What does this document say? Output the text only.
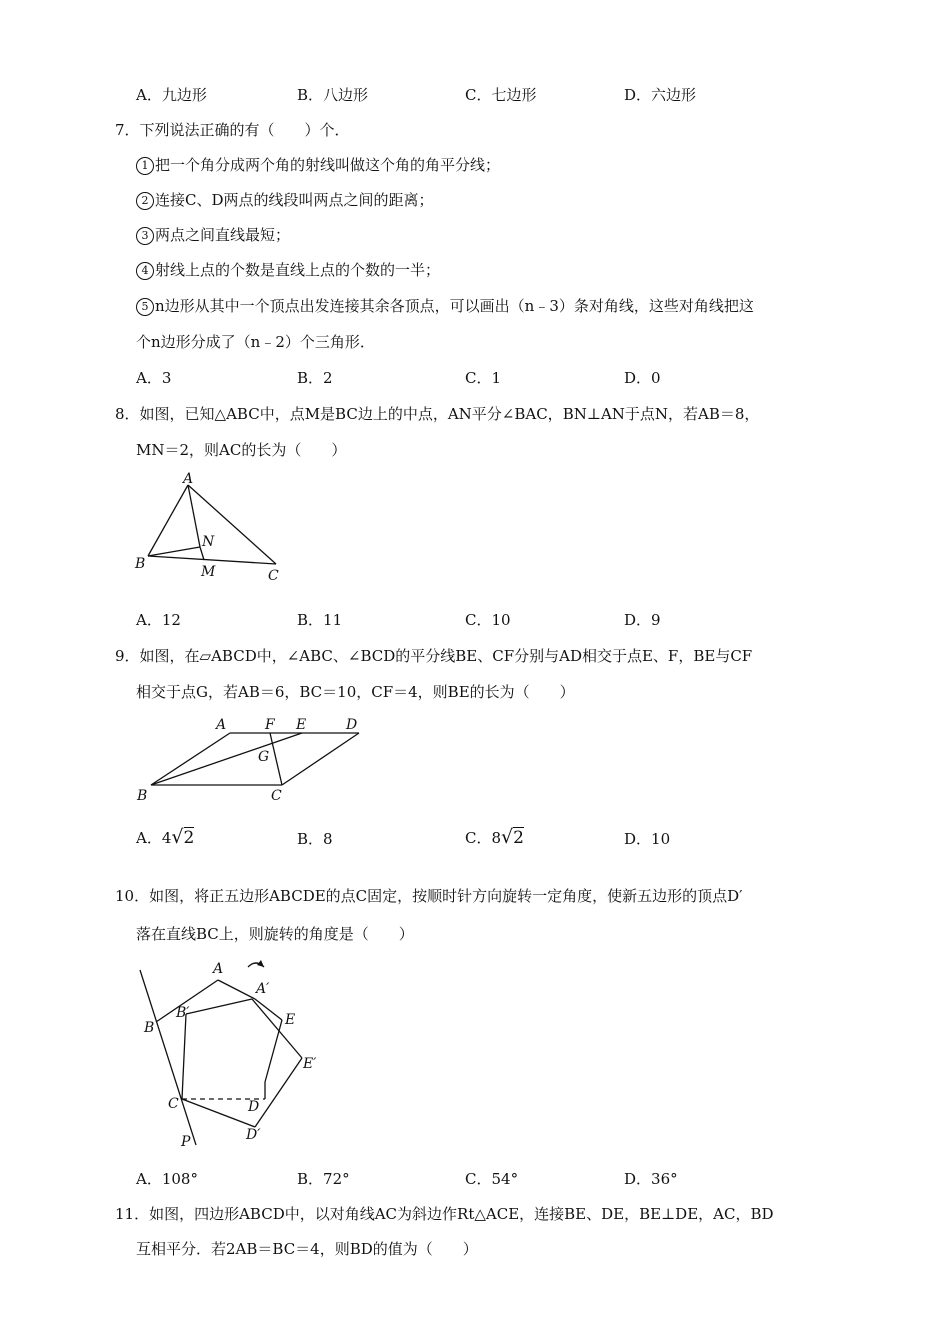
A．九边形	B．八边形	C．七边形	D．六边形
7．下列说法正确的有（　　）个．
1 把一个角分成两个角的射线叫做这个角的角平分线；
2 连接C、D两点的线段叫两点之间的距离；
3 两点之间直线最短；
4 射线上点的个数是直线上点的个数的一半；
5 n边形从其中一个顶点出发连接其余各顶点，可以画出（n﹣3）条对角线，这些对角线把这
个n边形分成了（n﹣2）个三角形．
A．3	B．2	C．1	D．0
8．如图，已知△ABC中，点M是BC边上的中点，AN平分∠BAC，BN⊥AN于点N，若AB＝8，
MN＝2，则AC的长为（　　）
A
B
C
N
M
A．12	B．11	C．10	D．9
9．如图，在▱ABCD中，∠ABC、∠BCD的平分线BE、CF分别与AD相交于点E、F，BE与CF
相交于点G，若AB＝6，BC＝10，CF＝4，则BE的长为（　　）
A	F E	D
G
B	C
A．4√2	B．8	C．8√2	D．10
10．如图，将正五边形ABCDE的点C固定，按顺时针方向旋转一定角度，使新五边形的顶点D′
落在直线BC上，则旋转的角度是（　　）
A
A′
B
B′	E
E′
C	D
D′
P
A．108°	B．72°	C．54°	D．36°
11．如图，四边形ABCD中，以对角线AC为斜边作Rt△ACE，连接BE、DE，BE⊥DE，AC，BD
互相平分．若2AB＝BC＝4，则BD的值为（　　）
